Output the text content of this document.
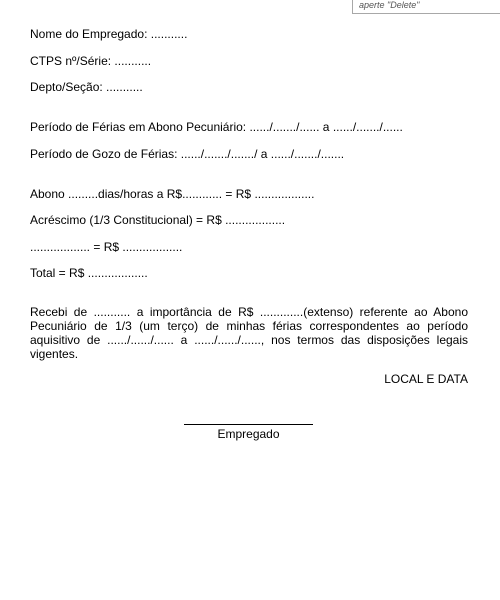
aperte "Delete"
Nome do Empregado: ...........
CTPS nº/Série: ...........
Depto/Seção: ...........
Período de Férias em Abono Pecuniário: ....../......./...... a ....../......./......
Período de Gozo de Férias: ....../......./......./ a ....../......./.......
Abono .........dias/horas a R$............ = R$ ..................
Acréscimo (1/3 Constitucional) = R$ ..................
.................. = R$ ..................
Total = R$ ..................
Recebi de ........... a importância de R$ .............(extenso) referente ao Abono Pecuniário de 1/3 (um terço) de minhas férias correspondentes ao período aquisitivo de ....../....../...... a ....../....../......, nos termos das disposições legais vigentes.
LOCAL E DATA
Empregado
